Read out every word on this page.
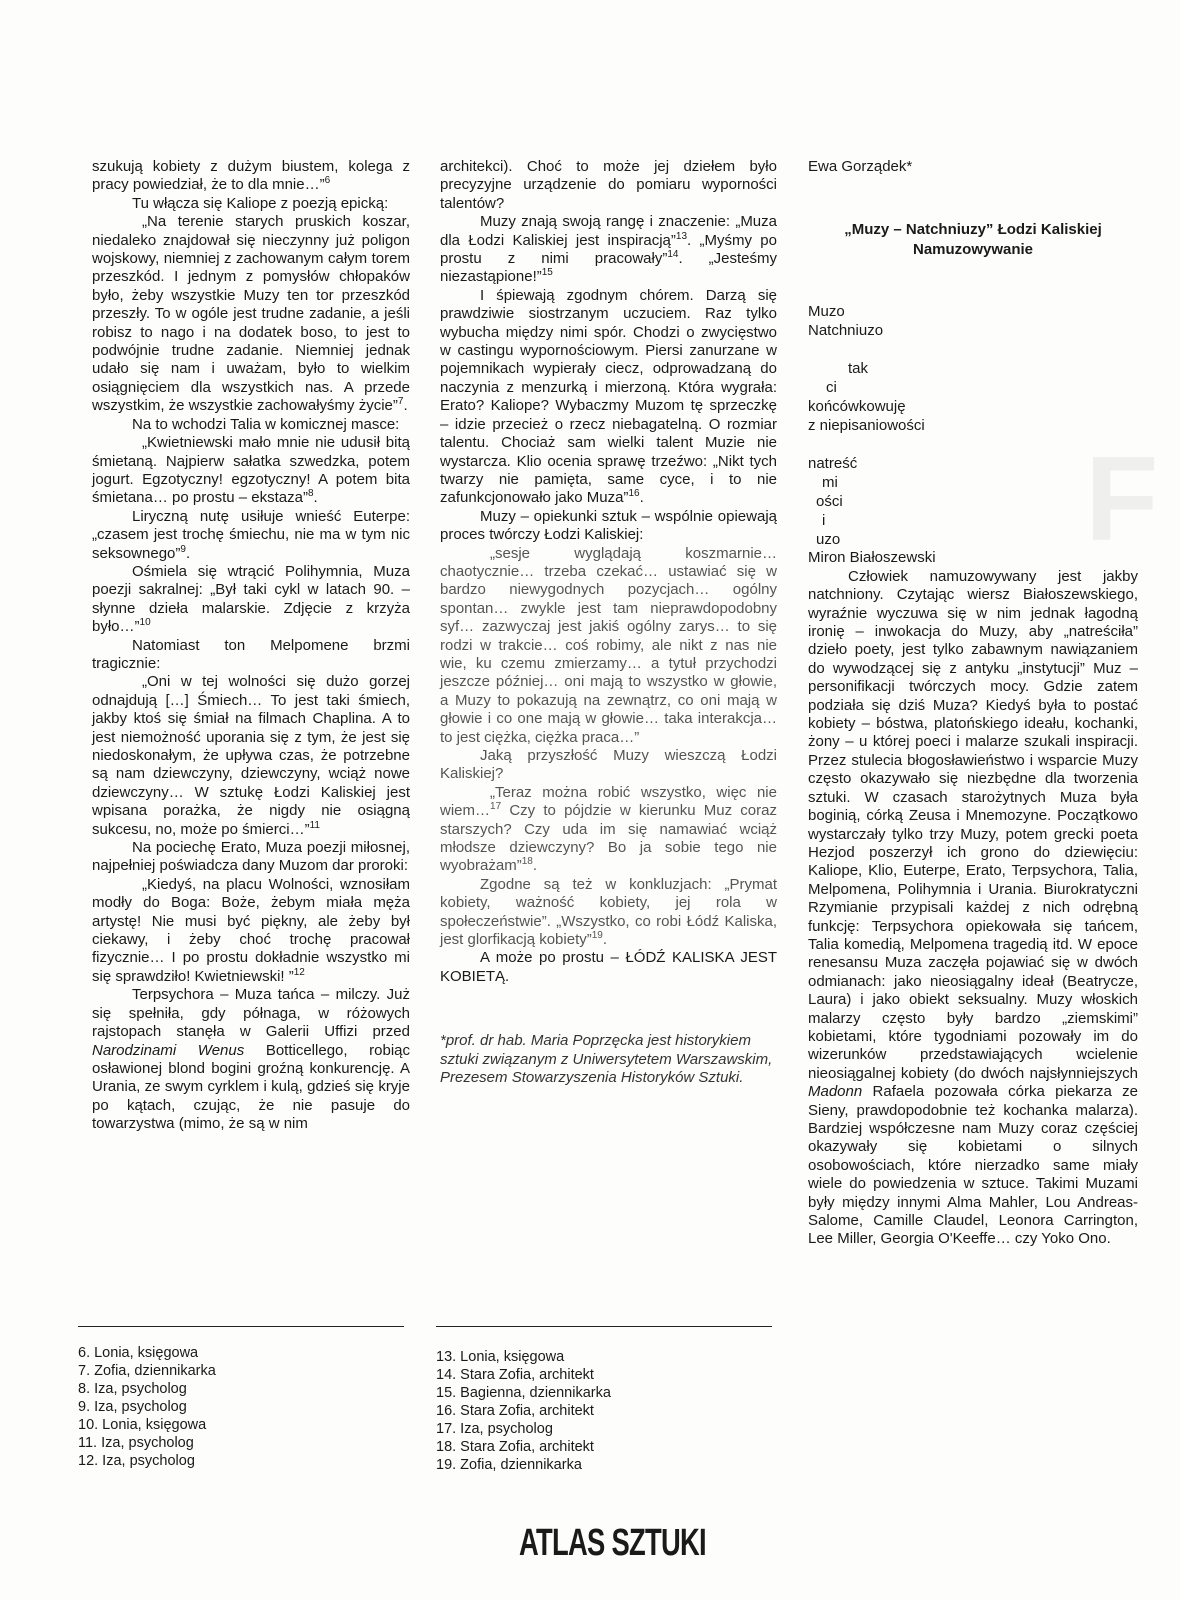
F

szukują kobiety z dużym biustem, kolega z pracy powiedział, że to dla mnie…”$^6$

Tu włącza się Kaliope z poezją epicką:

„Na terenie starych pruskich koszar, niedaleko znajdował się nieczynny już poligon wojskowy, niemniej z zachowanym całym torem przeszkód. I jednym z pomysłów chłopaków było, żeby wszystkie Muzy ten tor przeszkód przeszły. To w ogóle jest trudne zadanie, a jeśli robisz to nago i na dodatek boso, to jest to podwójnie trudne zadanie. Niemniej jednak udało się nam i uważam, było to wielkim osiągnięciem dla wszystkich nas. A przede wszystkim, że wszystkie zachowałyśmy życie”$^7$.

Na to wchodzi Talia w komicznej masce:

„Kwietniewski mało mnie nie udusił bitą śmietaną. Najpierw sałatka szwedzka, potem jogurt. Egzotyczny! egzotyczny! A potem bita śmietana… po prostu – ekstaza”$^8$.

Liryczną nutę usiłuje wnieść Euterpe: „czasem jest trochę śmiechu, nie ma w tym nic seksownego”$^9$.

Ośmiela się wtrącić Polihymnia, Muza poezji sakralnej: „Był taki cykl w latach 90. – słynne dzieła malarskie. Zdjęcie z krzyża było…”$^{10}$

Natomiast ton Melpomene brzmi tragicznie:

„Oni w tej wolności się dużo gorzej odnajdują […] Śmiech… To jest taki śmiech, jakby ktoś się śmiał na filmach Chaplina. A to jest niemożność uporania się z tym, że jest się niedoskonałym, że upływa czas, że potrzebne są nam dziewczyny, dziewczyny, wciąż nowe dziewczyny… W sztukę Łodzi Kaliskiej jest wpisana porażka, że nigdy nie osiągną sukcesu, no, może po śmierci…”$^{11}$

Na pociechę Erato, Muza poezji miłosnej, najpełniej poświadcza dany Muzom dar proroki:

„Kiedyś, na placu Wolności, wznosiłam modły do Boga: Boże, żebym miała męża artystę! Nie musi być piękny, ale żeby był ciekawy, i żeby choć trochę pracował fizycznie… I po prostu dokładnie wszystko mi się sprawdziło! Kwietniewski! ”$^{12}$

Terpsychora – Muza tańca – milczy. Już się spełniła, gdy półnaga, w różowych rajstopach stanęła w Galerii Uffizi przed Narodzinami Wenus Botticellego, robiąc osławionej blond bogini groźną konkurencję. A Urania, ze swym cyrklem i kulą, gdzieś się kryje po kątach, czując, że nie pasuje do towarzystwa (mimo, że są w nim

6. Lonia, księgowa
7. Zofia, dziennikarka
8. Iza, psycholog
9. Iza, psycholog
10. Lonia, księgowa
11. Iza, psycholog
12. Iza, psycholog

architekci). Choć to może jej dziełem było precyzyjne urządzenie do pomiaru wyporności talentów?

Muzy znają swoją rangę i znaczenie: „Muza dla Łodzi Kaliskiej jest inspiracją”$^{13}$. „Myśmy po prostu z nimi pracowały”$^{14}$. „Jesteśmy niezastąpione!”$^{15}$

I śpiewają zgodnym chórem. Darzą się prawdziwie siostrzanym uczuciem. Raz tylko wybucha między nimi spór. Chodzi o zwycięstwo w castingu wypornościowym. Piersi zanurzane w pojemnikach wypierały ciecz, odprowadzaną do naczynia z menzurką i mierzoną. Która wygrała: Erato? Kaliope? Wybaczmy Muzom tę sprzeczkę – idzie przecież o rzecz niebagatelną. O rozmiar talentu. Chociaż sam wielki talent Muzie nie wystarcza. Klio ocenia sprawę trzeźwo: „Nikt tych twarzy nie pamięta, same cyce, i to nie zafunkcjonowało jako Muza”$^{16}$.

Muzy – opiekunki sztuk – wspólnie opiewają proces twórczy Łodzi Kaliskiej:

„sesje wyglądają koszmarnie… chaotycznie… trzeba czekać… ustawiać się w bardzo niewygodnych pozycjach… ogólny spontan… zwykle jest tam nieprawdopodobny syf… zazwyczaj jest jakiś ogólny zarys… to się rodzi w trakcie… coś robimy, ale nikt z nas nie wie, ku czemu zmierzamy… a tytuł przychodzi jeszcze później… oni mają to wszystko w głowie, a Muzy to pokazują na zewnątrz, co oni mają w głowie i co one mają w głowie… taka interakcja… to jest ciężka, ciężka praca…”

Jaką przyszłość Muzy wieszczą Łodzi Kaliskiej?

„Teraz można robić wszystko, więc nie wiem…$^{17}$ Czy to pójdzie w kierunku Muz coraz starszych? Czy uda im się namawiać wciąż młodsze dziewczyny? Bo ja sobie tego nie wyobrażam”$^{18}$.

Zgodne są też w konkluzjach: „Prymat kobiety, ważność kobiety, jej rola w społeczeństwie”. „Wszystko, co robi Łódź Kaliska, jest glorfikacją kobiety”$^{19}$.

A może po prostu – ŁÓDŹ KALISKA JEST KOBIETĄ.

*prof. dr hab. Maria Poprzęcka jest historykiem sztuki związanym z Uniwersytetem Warszawskim, Prezesem Stowarzyszenia Historyków Sztuki.

13. Lonia, księgowa
14. Stara Zofia, architekt
15. Bagienna, dziennikarka
16. Stara Zofia, architekt
17. Iza, psycholog
18. Stara Zofia, architekt
19. Zofia, dziennikarka

Ewa Gorządek*

„Muzy – Natchniuzy” Łodzi Kaliskiej
Namuzowywanie
Muzo
Natchniuzo

tak
ci
końcówkowuję
z niepisaniowości

natreść
mi
ości
i
uzo

Miron Białoszewski

Człowiek namuzowywany jest jakby natchniony. Czytając wiersz Białoszewskiego, wyraźnie wyczuwa się w nim jednak łagodną ironię – inwokacja do Muzy, aby „natreściła” dzieło poety, jest tylko zabawnym nawiązaniem do wywodzącej się z antyku „instytucji” Muz – personifikacji twórczych mocy. Gdzie zatem podziała się dziś Muza? Kiedyś była to postać kobiety – bóstwa, platońskiego ideału, kochanki, żony – u której poeci i malarze szukali inspiracji. Przez stulecia błogosławieństwo i wsparcie Muzy często okazywało się niezbędne dla tworzenia sztuki. W czasach starożytnych Muza była boginią, córką Zeusa i Mnemozyne. Początkowo wystarczały tylko trzy Muzy, potem grecki poeta Hezjod poszerzył ich grono do dziewięciu: Kaliope, Klio, Euterpe, Erato, Terpsychora, Talia, Melpomena, Polihymnia i Urania. Biurokratyczni Rzymianie przypisali każdej z nich odrębną funkcję: Terpsychora opiekowała się tańcem, Talia komedią, Melpomena tragedią itd. W epoce renesansu Muza zaczęła pojawiać się w dwóch odmianach: jako nieosiągalny ideał (Beatrycze, Laura) i jako obiekt seksualny. Muzy włoskich malarzy często były bardzo „ziemskimi” kobietami, które tygodniami pozowały im do wizerunków przedstawiających wcielenie nieosiągalnej kobiety (do dwóch najsłynniejszych Madonn Rafaela pozowała córka piekarza ze Sieny, prawdopodobnie też kochanka malarza). Bardziej współczesne nam Muzy coraz częściej okazywały się kobietami o silnych osobowościach, które nierzadko same miały wiele do powiedzenia w sztuce. Takimi Muzami były między innymi Alma Mahler, Lou Andreas-Salome, Camille Claudel, Leonora Carrington, Lee Miller, Georgia O'Keeffe… czy Yoko Ono.

ATLAS SZTUKI
